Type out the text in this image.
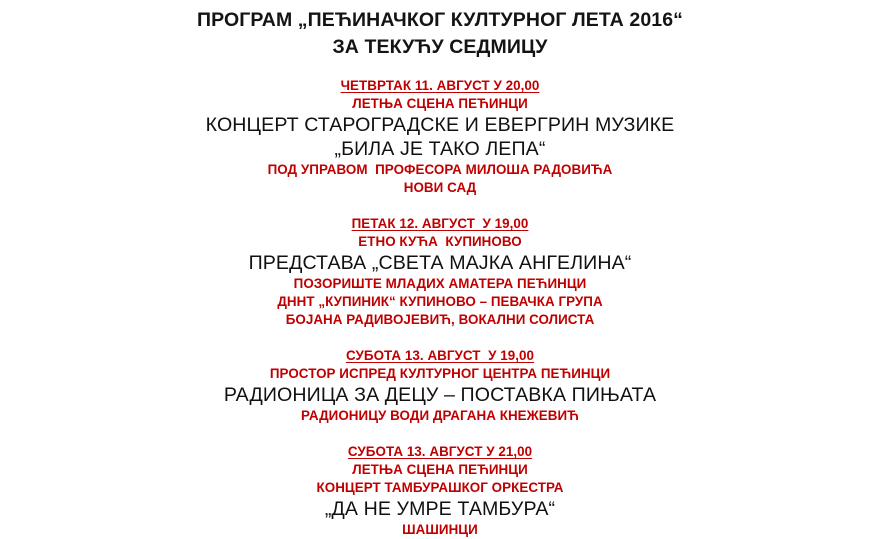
ПРОГРАМ „ПЕЋИНАЧКОГ КУЛТУРНОГ ЛЕТА 2016“
ЗА ТЕКУЋУ СЕДМИЦУ
ЧЕТВРТАК 11. АВГУСТ У 20,00
ЛЕТЊА СЦЕНА ПЕЋИНЦИ
КОНЦЕРТ СТАРОГРАДСКЕ И ЕВЕРГРИН МУЗИКЕ
„БИЛА ЈЕ ТАКО ЛЕПА“
ПОД УПРАВОМ  ПРОФЕСОРА МИЛОША РАДОВИЋА
НОВИ САД
ПЕТАК 12. АВГУСТ  У 19,00
ЕТНО КУЋА  КУПИНОВО
ПРЕДСТАВА „СВЕТА МАЈКА АНГЕЛИНА“
ПОЗОРИШТЕ МЛАДИХ АМАТЕРА ПЕЋИНЦИ
ДННТ „КУПИНИК“ КУПИНОВО – ПЕВАЧКА ГРУПА
БОЈАНА РАДИВОЈЕВИЋ, ВОКАЛНИ СОЛИСТА
СУБОТА 13. АВГУСТ  У 19,00
ПРОСТОР ИСПРЕД КУЛТУРНОГ ЦЕНТРА ПЕЋИНЦИ
РАДИОНИЦА ЗА ДЕЦУ – ПОСТАВКА ПИЊАТА
РАДИОНИЦУ ВОДИ ДРАГАНА КНЕЖЕВИЋ
СУБОТА 13. АВГУСТ У 21,00
ЛЕТЊА СЦЕНА ПЕЋИНЦИ
КОНЦЕРТ ТАМБУРАШКОГ ОРКЕСТРА
„ДА НЕ УМРЕ ТАМБУРА“
ШАШИНЦИ
